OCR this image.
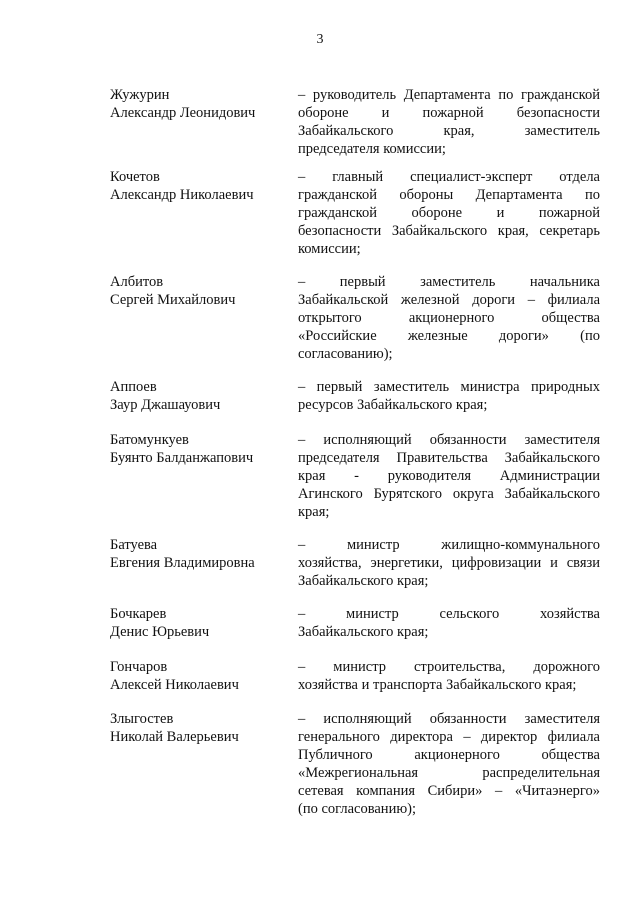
3
Жужурин
Александр Леонидович
– руководитель Департамента по гражданской
обороне и пожарной безопасности
Забайкальского края, заместитель
председателя комиссии;
Кочетов
Александр Николаевич
– главный специалист-эксперт отдела
гражданской обороны Департамента по
гражданской обороне и пожарной
безопасности Забайкальского края, секретарь
комиссии;
Албитов
Сергей Михайлович
– первый заместитель начальника
Забайкальской железной дороги – филиала
открытого акционерного общества
«Российские железные дороги» (по
согласованию);
Аппоев
Заур Джашауович
– первый заместитель министра природных
ресурсов Забайкальского края;
Батомункуев
Буянто Балданжапович
– исполняющий обязанности заместителя
председателя Правительства Забайкальского
края - руководителя Администрации
Агинского Бурятского округа Забайкальского
края;
Батуева
Евгения Владимировна
– министр жилищно-коммунального
хозяйства, энергетики, цифровизации и связи
Забайкальского края;
Бочкарев
Денис Юрьевич
– министр сельского хозяйства
Забайкальского края;
Гончаров
Алексей Николаевич
– министр строительства, дорожного
хозяйства и транспорта Забайкальского края;
Злыгостев
Николай Валерьевич
– исполняющий обязанности заместителя
генерального директора – директор филиала
Публичного акционерного общества
«Межрегиональная распределительная
сетевая компания Сибири» – «Читаэнерго»
(по согласованию);
